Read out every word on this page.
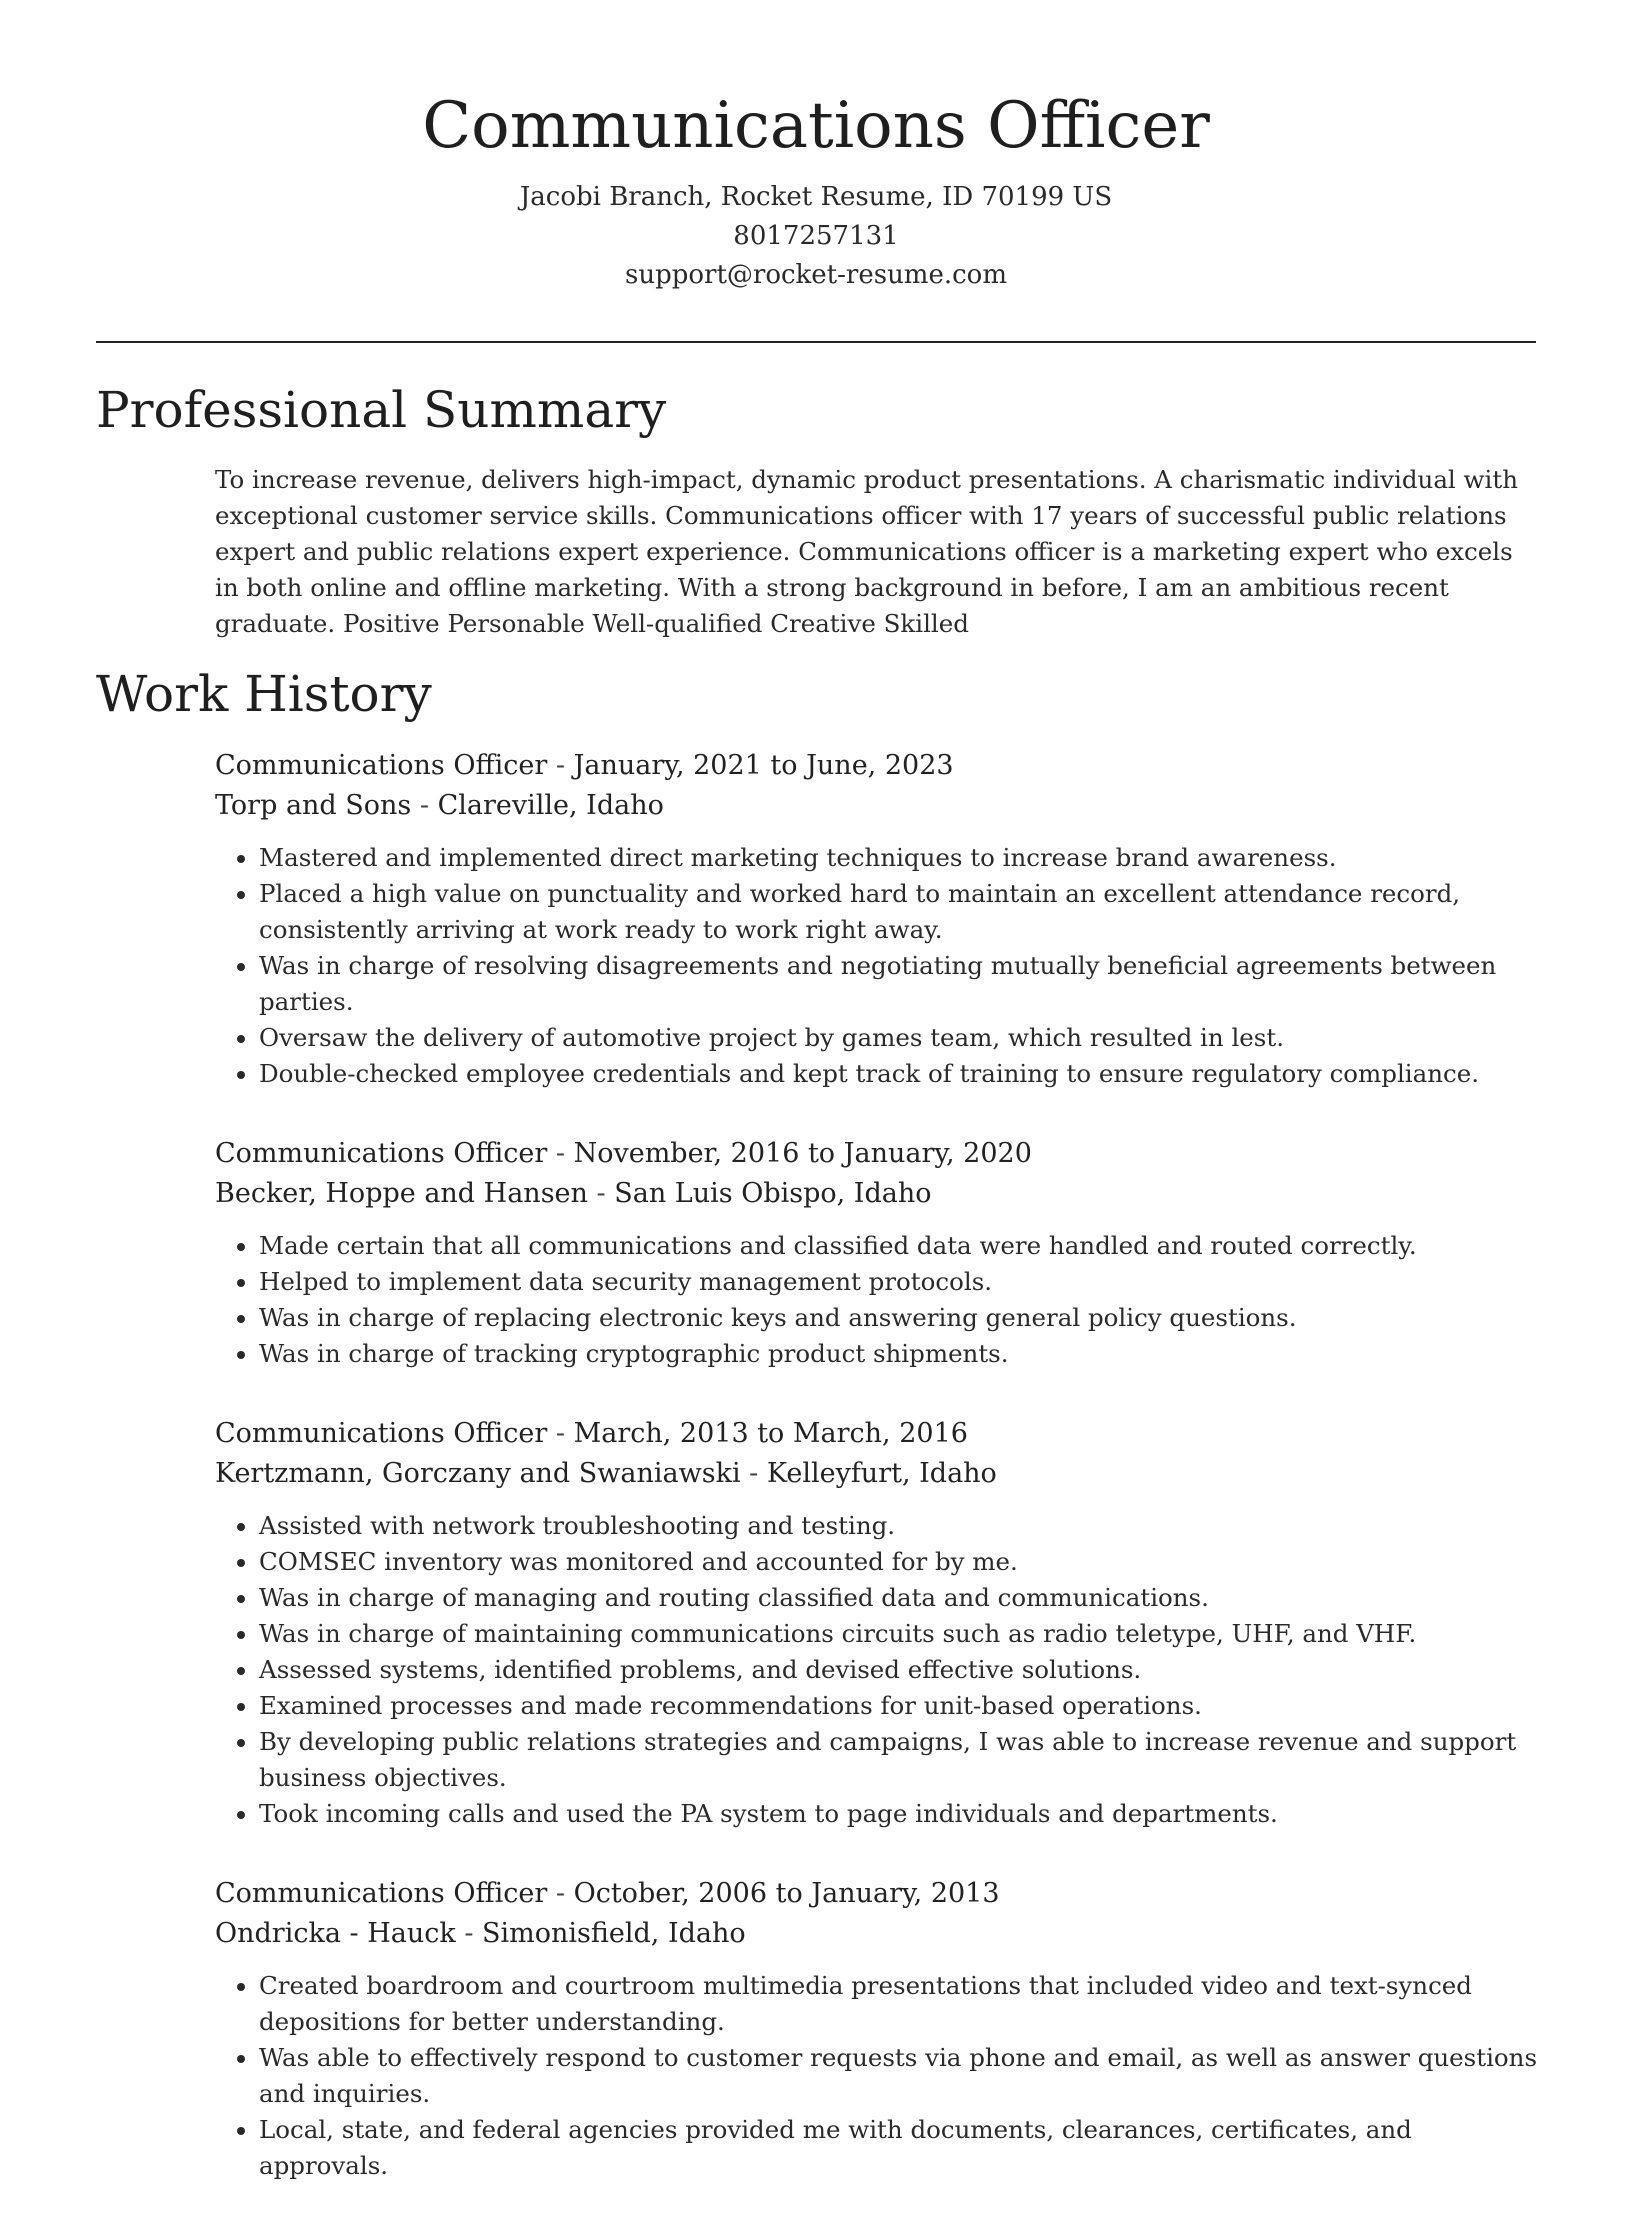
Communications Officer
Jacobi Branch, Rocket Resume, ID 70199 US
8017257131
support@rocket-resume.com
Professional Summary

To increase revenue, delivers high-impact, dynamic product presentations. A charismatic individual with exceptional customer service skills. Communications officer with 17 years of successful public relations expert and public relations expert experience. Communications officer is a marketing expert who excels in both online and offline marketing. With a strong background in before, I am an ambitious recent graduate. Positive Personable Well-qualified Creative Skilled

Work History
Communications Officer - January, 2021 to June, 2023
Torp and Sons - Clareville, Idaho
• Mastered and implemented direct marketing techniques to increase brand awareness.
• Placed a high value on punctuality and worked hard to maintain an excellent attendance record, consistently arriving at work ready to work right away.
• Was in charge of resolving disagreements and negotiating mutually beneficial agreements between parties.
• Oversaw the delivery of automotive project by games team, which resulted in lest.
• Double-checked employee credentials and kept track of training to ensure regulatory compliance.
Communications Officer - November, 2016 to January, 2020
Becker, Hoppe and Hansen - San Luis Obispo, Idaho
• Made certain that all communications and classified data were handled and routed correctly.
• Helped to implement data security management protocols.
• Was in charge of replacing electronic keys and answering general policy questions.
• Was in charge of tracking cryptographic product shipments.
Communications Officer - March, 2013 to March, 2016
Kertzmann, Gorczany and Swaniawski - Kelleyfurt, Idaho
• Assisted with network troubleshooting and testing.
• COMSEC inventory was monitored and accounted for by me.
• Was in charge of managing and routing classified data and communications.
• Was in charge of maintaining communications circuits such as radio teletype, UHF, and VHF.
• Assessed systems, identified problems, and devised effective solutions.
• Examined processes and made recommendations for unit-based operations.
• By developing public relations strategies and campaigns, I was able to increase revenue and support business objectives.
• Took incoming calls and used the PA system to page individuals and departments.
Communications Officer - October, 2006 to January, 2013
Ondricka - Hauck - Simonisfield, Idaho
• Created boardroom and courtroom multimedia presentations that included video and text-synced depositions for better understanding.
• Was able to effectively respond to customer requests via phone and email, as well as answer questions and inquiries.
• Local, state, and federal agencies provided me with documents, clearances, certificates, and approvals.
